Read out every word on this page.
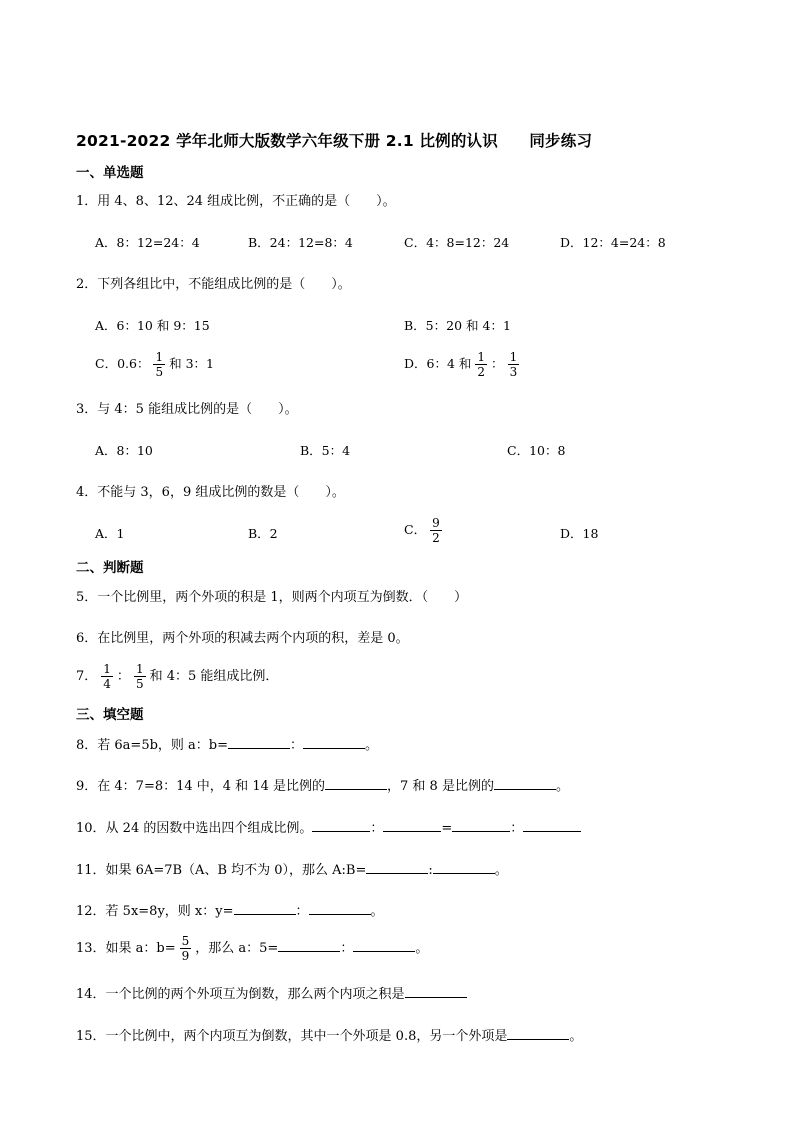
2021-2022 学年北师大版数学六年级下册 2.1 比例的认识　　同步练习
一、单选题
1．用 4、8、12、24 组成比例，不正确的是（　　）。
A．8：12=24：4	B．24：12=8：4	C．4：8=12：24	D．12：4=24：8
2．下列各组比中，不能组成比例的是（　　）。
A．6：10 和 9：15	B．5：20 和 4：1
C．0.6： $\frac{1}{5}$ 和 3：1	D．6：4 和 $\frac{1}{2}$ ： $\frac{1}{3}$
3．与 4：5 能组成比例的是（　　）。
A．8：10	B．5：4	C．10：8
4．不能与 3，6，9 组成比例的数是（　　）。
A．1	B．2	C． $\frac{9}{2}$	D．18
二、判断题
5．一个比例里，两个外项的积是 1，则两个内项互为倒数．（　　）
6．在比例里，两个外项的积减去两个内项的积，差是 0。
7． $\frac{1}{4}$ ： $\frac{1}{5}$ 和 4：5 能组成比例．
三、填空题
8．若 6a=5b，则 a：b=	：	。
9．在 4：7=8：14 中，4 和 14 是比例的	，7 和 8 是比例的	。
10．从 24 的因数中选出四个组成比例。	：	=	：
11．如果 6A=7B（A、B 均不为 0），那么 A:B=	:	。
12．若 5x=8y，则 x：y=	：	。
13．如果 a：$b= \frac{5}{9}$ ，那么 a：5=	：	。
14．一个比例的两个外项互为倒数，那么两个内项之积是
15．一个比例中，两个内项互为倒数，其中一个外项是 0.8，另一个外项是	。
